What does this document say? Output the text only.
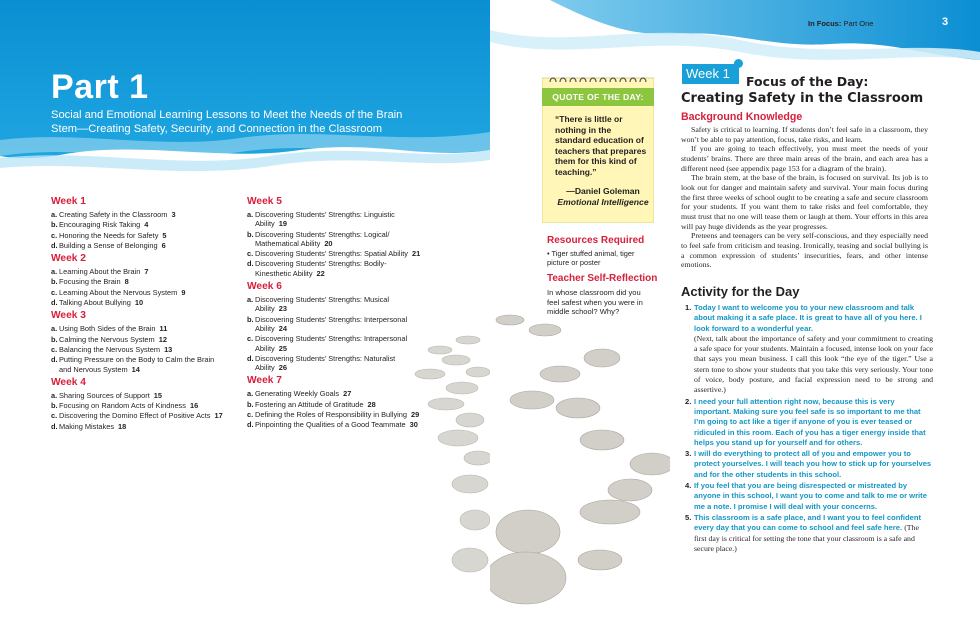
Part 1
Social and Emotional Learning Lessons to Meet the Needs of the Brain Stem—Creating Safety, Security, and Connection in the Classroom
Week 1
a. Creating Safety in the Classroom 3
b. Encouraging Risk Taking 4
c. Honoring the Needs for Safety 5
d. Building a Sense of Belonging 6
Week 2
a. Learning About the Brain 7
b. Focusing the Brain 8
c. Learning About the Nervous System 9
d. Talking About Bullying 10
Week 3
a. Using Both Sides of the Brain 11
b. Calming the Nervous System 12
c. Balancing the Nervous System 13
d. Putting Pressure on the Body to Calm the Brain and Nervous System 14
Week 4
a. Sharing Sources of Support 15
b. Focusing on Random Acts of Kindness 16
c. Discovering the Domino Effect of Positive Acts 17
d. Making Mistakes 18
Week 5
a. Discovering Students’ Strengths: Linguistic Ability 19
b. Discovering Students’ Strengths: Logical/ Mathematical Ability 20
c. Discovering Students’ Strengths: Spatial Ability 21
d. Discovering Students’ Strengths: Bodily-Kinesthetic Ability 22
Week 6
a. Discovering Students’ Strengths: Musical Ability 23
b. Discovering Students’ Strengths: Interpersonal Ability 24
c. Discovering Students’ Strengths: Intrapersonal Ability 25
d. Discovering Students’ Strengths: Naturalist Ability 26
Week 7
a. Generating Weekly Goals 27
b. Fostering an Attitude of Gratitude 28
c. Defining the Roles of Responsibility in Bullying 29
d. Pinpointing the Qualities of a Good Teammate 30
In Focus: Part One	3
QUOTE OF THE DAY:
“There is little or nothing in the standard education of teachers that prepares them for this kind of teaching.”
—Daniel Goleman
Emotional Intelligence
Resources Required
• Tiger stuffed animal, tiger picture or poster
Teacher Self-Reflection
In whose classroom did you feel safest when you were in middle school? Why?
Week 1
Focus of the Day:
Creating Safety in the Classroom
Background Knowledge

Safety is critical to learning. If students don’t feel safe in a classroom, they won’t be able to pay attention, focus, take risks, and learn.

If you are going to teach effectively, you must meet the needs of your students’ brains. There are three main areas of the brain, and each area has a different need (see appendix page 153 for a diagram of the brain).

The brain stem, at the base of the brain, is focused on survival. Its job is to look out for danger and maintain safety and survival. Your main focus during the first three weeks of school ought to be creating a safe and secure classroom for your students. If you want them to take risks and feel comfortable, they must trust that no one will tease them or laugh at them. Your efforts in this area will pay huge dividends as the year progresses.

Preteens and teenagers can be very self-conscious, and they especially need to feel safe from criticism and teasing. Ironically, teasing and social bullying is a common expression of students’ insecurities, fears, and other intense emotions.

Activity for the Day
1. Today I want to welcome you to your new classroom and talk about making it a safe place. It is great to have all of you here. I look forward to a wonderful year.
(Next, talk about the importance of safety and your commitment to creating a safe space for your students. Maintain a focused, intense look on your face that says you mean business. I call this look “the eye of the tiger.” Use a stern tone to show your students that you take this very seriously. Your tone of voice, body posture, and facial expression need to be strong and assertive.)
2. I need your full attention right now, because this is very important. Making sure you feel safe is so important to me that I’m going to act like a tiger if anyone of you is ever teased or ridiculed in this room. Each of you has a tiger energy inside that helps you stand up for yourself and for others.
3. I will do everything to protect all of you and empower you to protect yourselves. I will teach you how to stick up for yourselves and for the other students in this school.
4. If you feel that you are being disrespected or mistreated by anyone in this school, I want you to come and talk to me or write me a note. I promise I will deal with your concerns.
5. This classroom is a safe place, and I want you to feel confident every day that you can come to school and feel safe here. (The first day is critical for setting the tone that your classroom is a safe and secure place.)
